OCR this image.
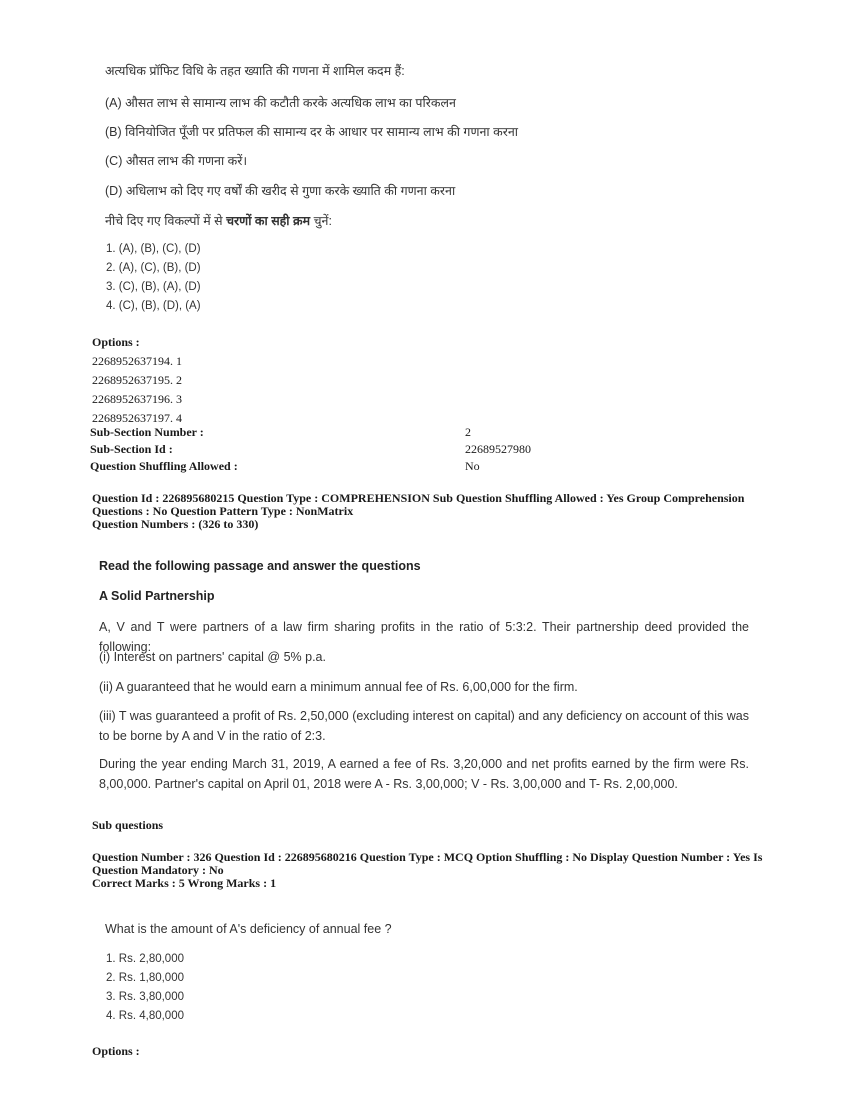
अत्यधिक प्रॉफिट विधि के तहत ख्याति की गणना में शामिल कदम हैं:
(A) औसत लाभ से सामान्य लाभ की कटौती करके अत्यधिक लाभ का परिकलन
(B) विनियोजित पूँजी पर प्रतिफल की सामान्य दर के आधार पर सामान्य लाभ की गणना करना
(C) औसत लाभ की गणना करें।
(D) अधिलाभ को दिए गए वर्षों की खरीद से गुणा करके ख्याति की गणना करना
नीचे दिए गए विकल्पों में से चरणों का सही क्रम चुनें:
1. (A), (B), (C), (D)
2. (A), (C), (B), (D)
3. (C), (B), (A), (D)
4. (C), (B), (D), (A)
Options :
2268952637194. 1
2268952637195. 2
2268952637196. 3
2268952637197. 4
Sub-Section Number :	2
Sub-Section Id :	22689527980
Question Shuffling Allowed :	No
Question Id : 226895680215 Question Type : COMPREHENSION Sub Question Shuffling Allowed : Yes Group Comprehension
Questions : No Question Pattern Type : NonMatrix
Question Numbers : (326 to 330)
Read the following passage and answer the questions
A Solid Partnership
A, V and T were partners of a law firm sharing profits in the ratio of 5:3:2. Their partnership deed provided the following:
(i) Interest on partners' capital @ 5% p.a.
(ii) A guaranteed that he would earn a minimum annual fee of Rs. 6,00,000 for the firm.
(iii) T was guaranteed a profit of Rs. 2,50,000 (excluding interest on capital) and any deficiency on account of this was to be borne by A and V in the ratio of 2:3.
During the year ending March 31, 2019, A earned a fee of Rs. 3,20,000 and net profits earned by the firm were Rs. 8,00,000. Partner's capital on April 01, 2018 were A - Rs. 3,00,000; V - Rs. 3,00,000 and T- Rs. 2,00,000.
Sub questions
Question Number : 326 Question Id : 226895680216 Question Type : MCQ Option Shuffling : No Display Question Number : Yes Is
Question Mandatory : No
Correct Marks : 5 Wrong Marks : 1
What is the amount of A's deficiency of annual fee ?
1. Rs. 2,80,000
2. Rs. 1,80,000
3. Rs. 3,80,000
4. Rs. 4,80,000
Options :
